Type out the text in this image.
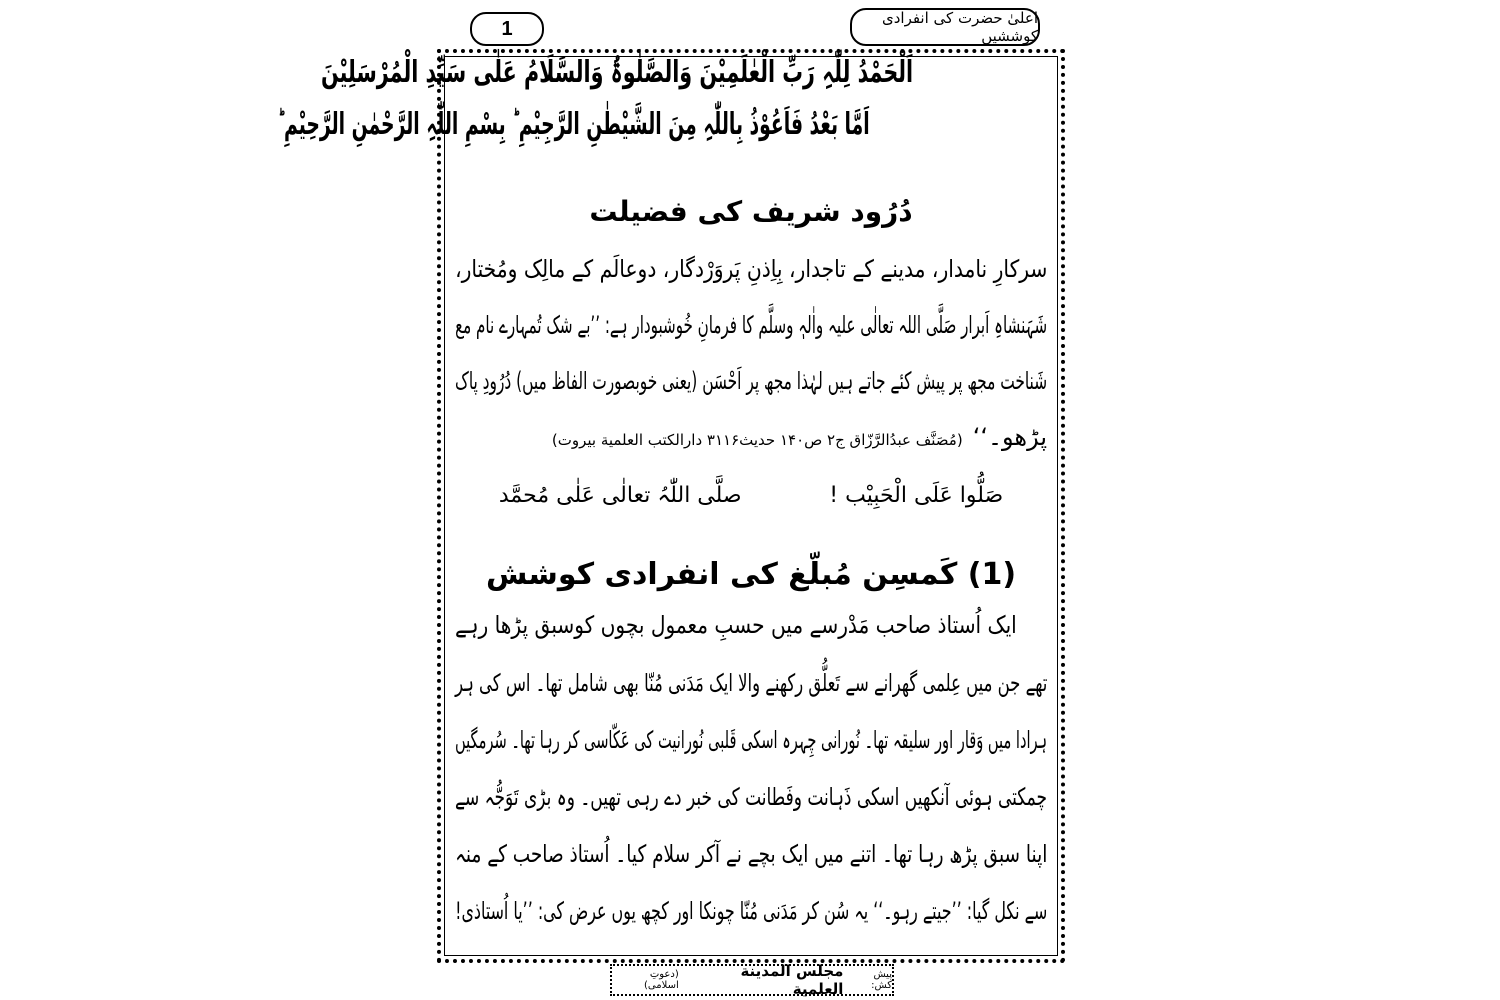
1	اعلیٰ حضرت کی انفرادی کوششیں
اَلْحَمْدُ لِلّٰہِ رَبِّ الْعٰلَمِیْنَ وَالصَّلٰوۃُ وَالسَّلَامُ عَلٰی سَیِّدِ الْمُرْسَلِیْنَ
اَمَّا بَعْدُ فَاَعُوْذُ بِاللّٰہِ مِنَ الشَّیْطٰنِ الرَّجِیْمِ ؕ بِسْمِ اللّٰہِ الرَّحْمٰنِ الرَّحِیْمِ ؕ
دُرُود شریف کی فضیلت
سرکارِ نامدار، مدینے کے تاجدار، بِاِذنِ پَروَرْدگار، دوعالَم کے مالِک ومُختار،
شَہَنشاہِ اَبرار صَلَّی اللہ تعالٰی علیہ واٰلہٖ وسلَّم کا فرمانِ خُوشبودار ہے: ’’بے شک تُمہارے نام مع
شَناخت مجھ پر پیش کئے جاتے ہیں لہٰذا مجھ پر اَحْسَن (یعنی خوبصورت الفاظ میں) دُرُودِ پاک
پڑھو۔‘‘
(مُصَنَّف عبدُالرَّزّاق ج۲ ص۱۴۰ حدیث۳۱۱۶ دارالکتب العلمیة بیروت)
صَلُّوا عَلَی الْحَبِیْب !
صلَّی اللّٰہُ تعالٰی عَلٰی مُحمَّد
(1) کَمسِن مُبلّغ کی انفرادی کوشش
ایک اُستاذ صاحب مَدْرسے میں حسبِ معمول بچوں کوسبق پڑھا رہے
تھے جن میں عِلمی گھرانے سے تَعلُّق رکھنے والا ایک مَدَنی مُنّا بھی شامل تھا۔ اس کی ہر
ہرادا میں وَقار اور سلیقہ تھا۔ نُورانی چِہرہ اسکی قَلبی نُورانیت کی عَکّاسی کر رہا تھا۔ سُرمگیں
چمکتی ہوئی آنکھیں اسکی ذَہانت وفَطانت کی خبر دے رہی تھیں۔ وہ بڑی تَوَجُّہ سے
اپنا سبق پڑھ رہا تھا۔ اتنے میں ایک بچے نے آکر سلام کیا۔ اُستاذ صاحب کے منہ
سے نکل گیا: ’’جیتے رہو۔‘‘ یہ سُن کر مَدَنی مُنّا چونکا اور کچھ یوں عرض کی: ’’یا اُستاذی!
پیش کش:
مجلس المدینة العلمیة
(دعوتِ اسلامی)
